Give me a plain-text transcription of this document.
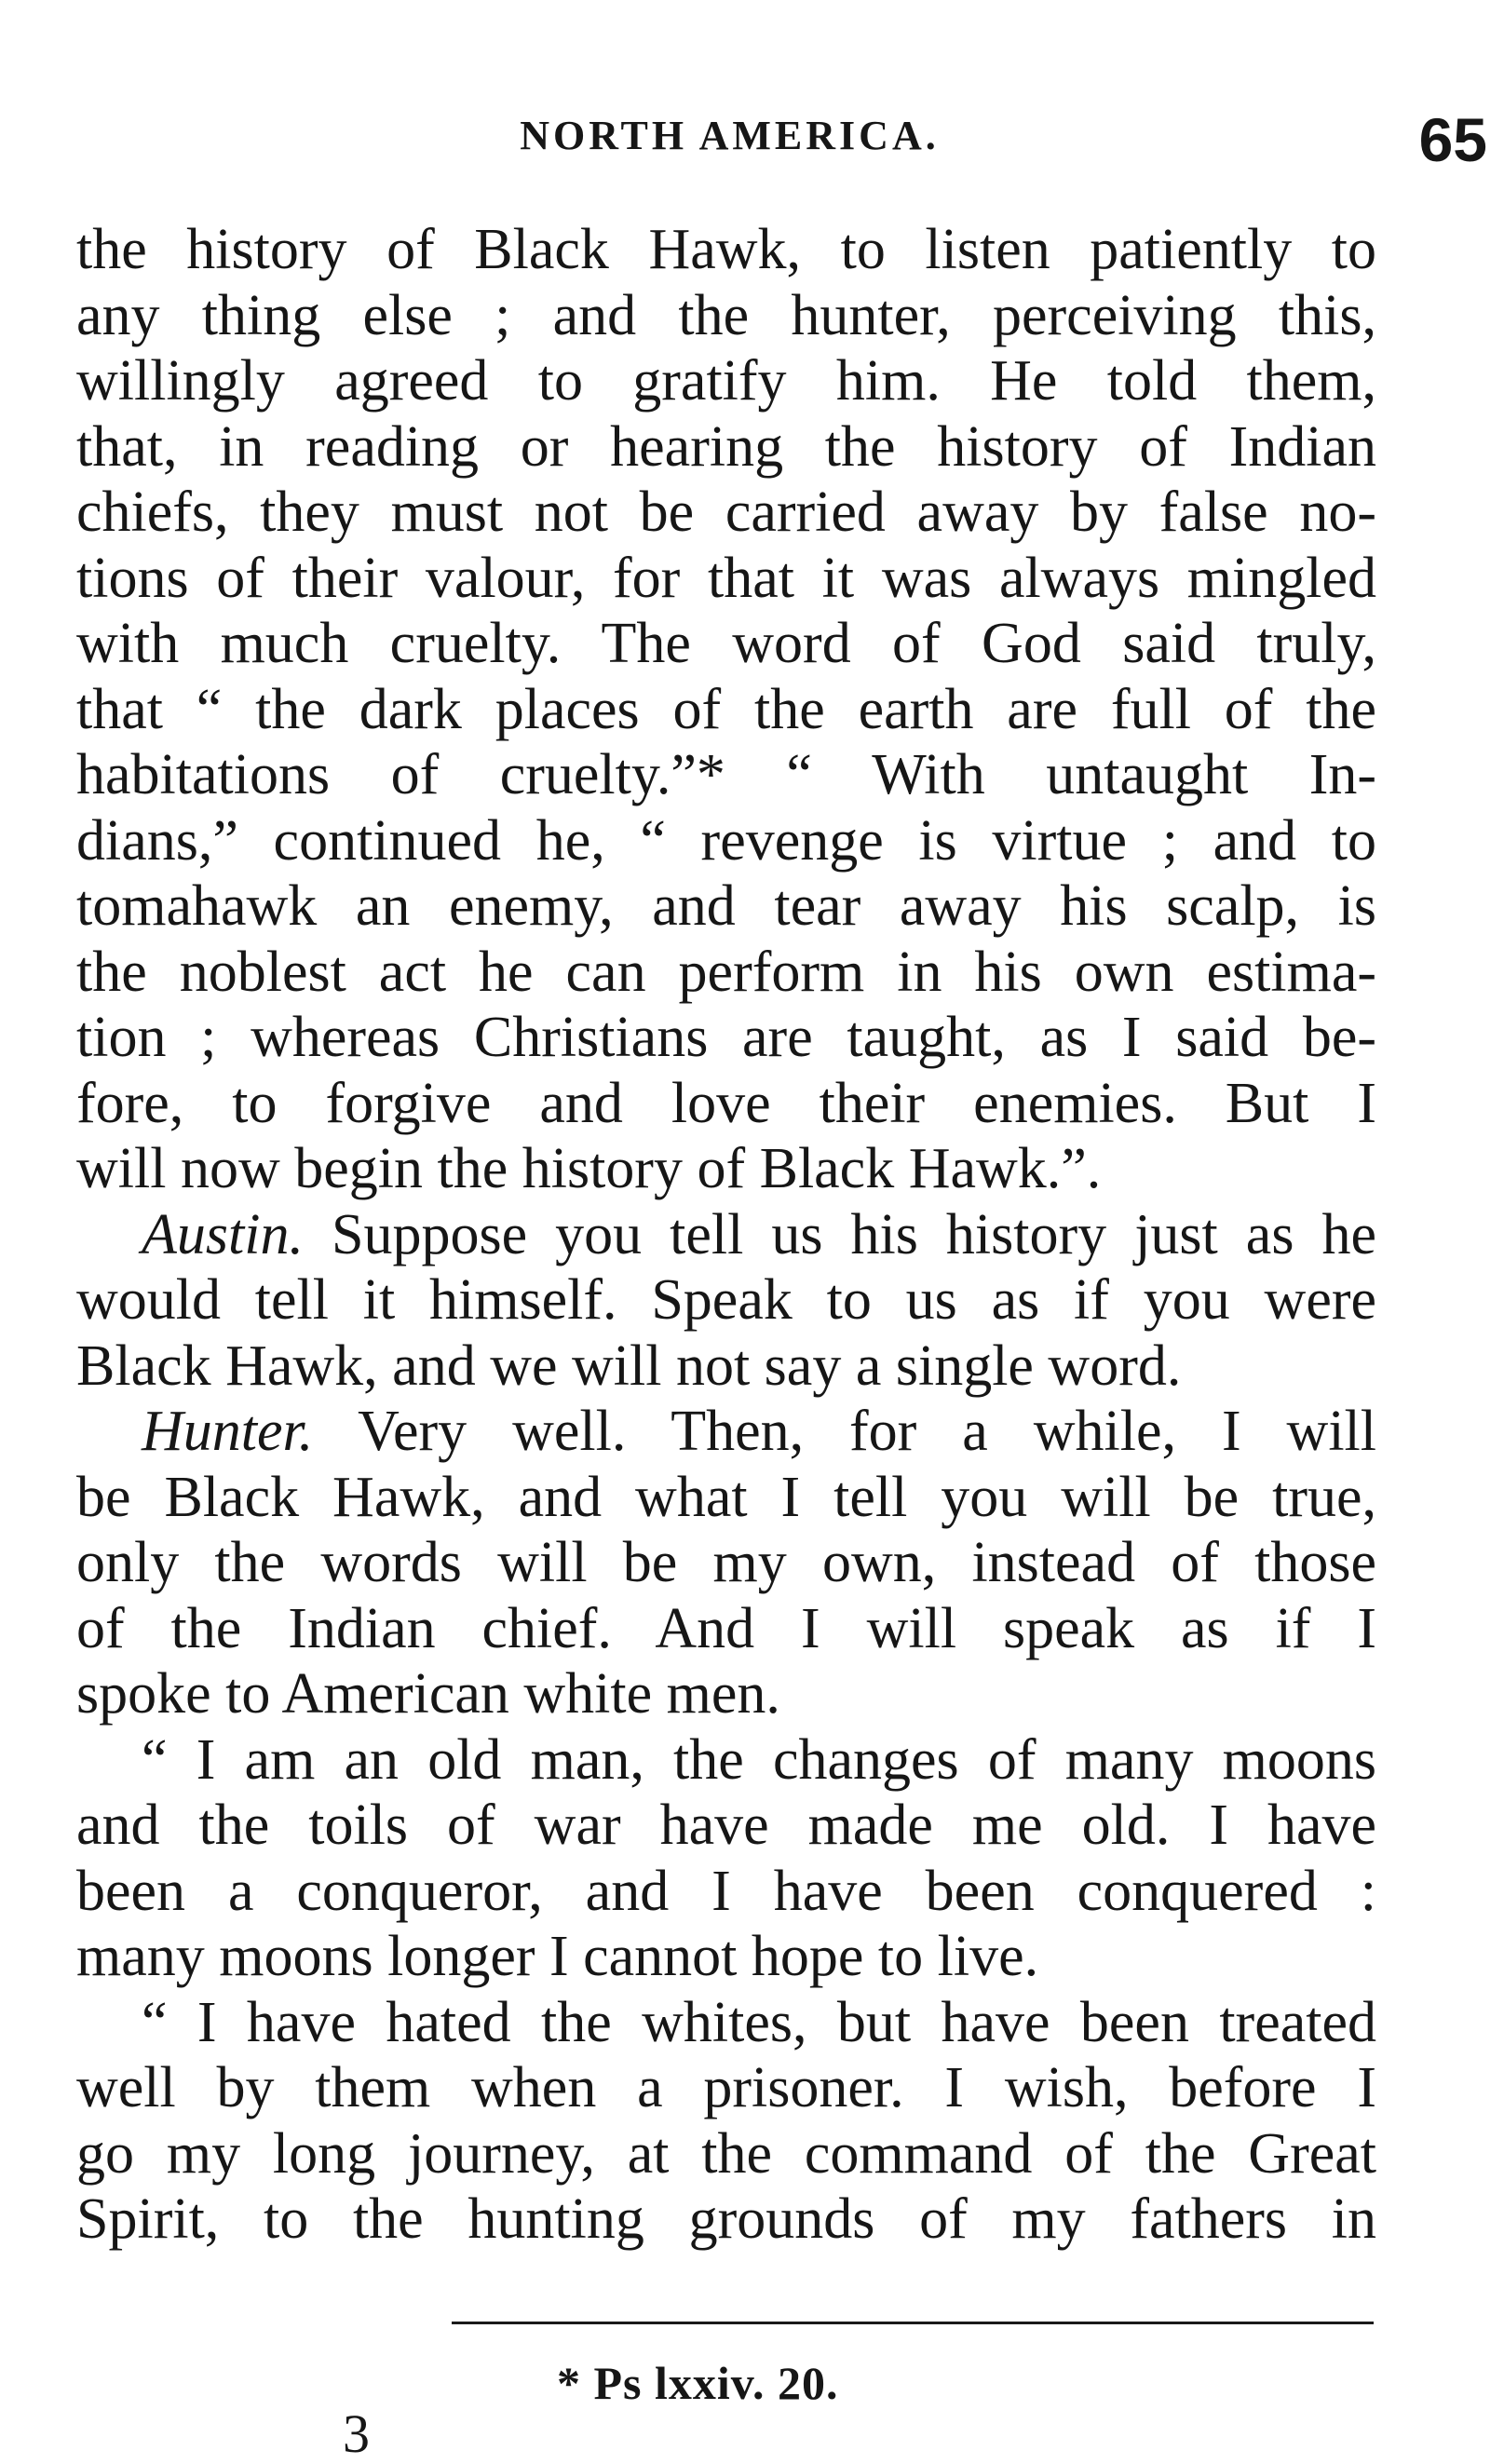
NORTH AMERICA.	65
the history of Black Hawk, to listen patiently to
any thing else ; and the hunter, perceiving this,
willingly agreed to gratify him. He told them,
that, in reading or hearing the history of Indian
chiefs, they must not be carried away by false no-
tions of their valour, for that it was always mingled
with much cruelty. The word of God said truly,
that “ the dark places of the earth are full of the
habitations of cruelty.”* “ With untaught In-
dians,” continued he, “ revenge is virtue ; and to
tomahawk an enemy, and tear away his scalp, is
the noblest act he can perform in his own estima-
tion ; whereas Christians are taught, as I said be-
fore, to forgive and love their enemies. But I
will now begin the history of Black Hawk.”.
Austin. Suppose you tell us his history just as he
would tell it himself. Speak to us as if you were
Black Hawk, and we will not say a single word.
Hunter. Very well. Then, for a while, I will
be Black Hawk, and what I tell you will be true,
only the words will be my own, instead of those
of the Indian chief. And I will speak as if I
spoke to American white men.
“ I am an old man, the changes of many moons
and the toils of war have made me old. I have
been a conqueror, and I have been conquered :
many moons longer I cannot hope to live.
“ I have hated the whites, but have been treated
well by them when a prisoner. I wish, before I
go my long journey, at the command of the Great
Spirit, to the hunting grounds of my fathers in
* Ps lxxiv. 20.
3
